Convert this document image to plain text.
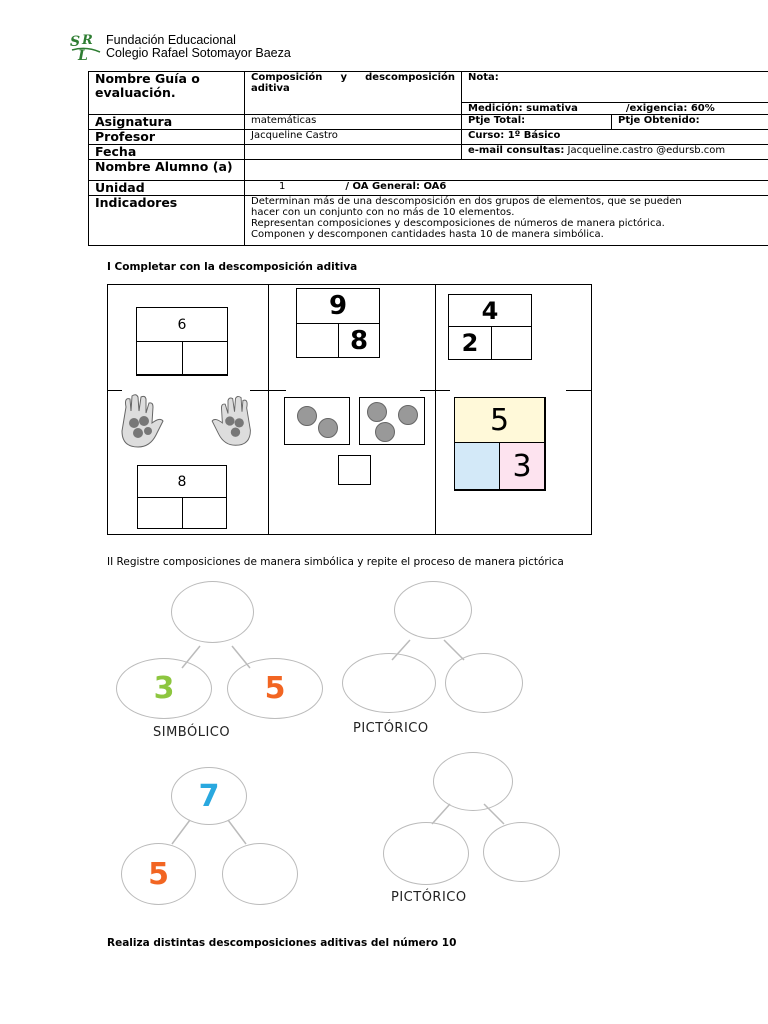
S R
L
Fundación Educacional
Colegio Rafael Sotomayor Baeza
Nombre Guía o evaluación.	Composición y descomposición aditiva	Nota:	
		Medición: sumativa /exigencia: 60%	
Asignatura	matemáticas	Ptje Total:	Ptje Obtenido:
Profesor	Jacqueline Castro	Curso: 1º Básico	
Fecha		e-mail consultas: Jacqueline.castro @edursb.com	
Nombre Alumno (a)			
Unidad	1 / OA General: OA6		
Indicadores	Determinan más de una descomposición en dos grupos de elementos, que se pueden
hacer con un conjunto con no más de 10 elementos.
Representan composiciones y descomposiciones de números de manera pictórica.
Componen y descomponen cantidades hasta 10 de manera simbólica.		
I Completar con la descomposición aditiva
6
9
8
4
2
8
5
3
II Registre composiciones de manera simbólica y repite el proceso de manera pictórica
3	5
SIMBÓLICO	PICTÓRICO
7
5
PICTÓRICO
Realiza distintas descomposiciones aditivas del número 10
